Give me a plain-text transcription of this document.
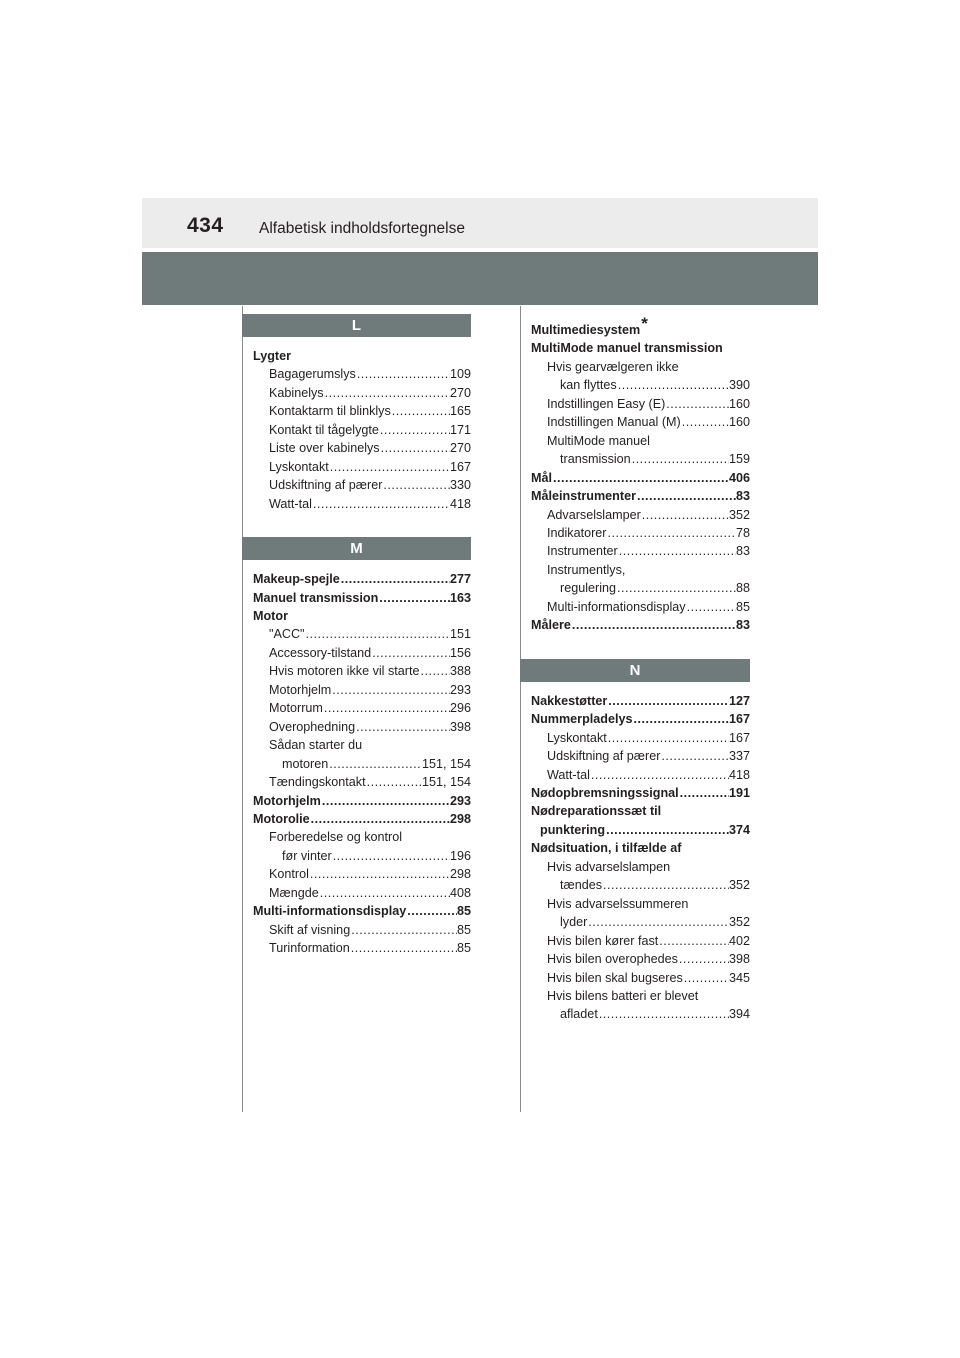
434 Alfabetisk indholdsfortegnelse
L
Lygter
Bagagerumslys .....	109
Kabinelys .....	270
Kontaktarm til blinklys .....	165
Kontakt til tågelygte .....	171
Liste over kabinelys .....	270
Lyskontakt .....	167
Udskiftning af pærer .....	330
Watt-tal .....	418
M
Makeup-spejle .....	277
Manuel transmission .....	163
Motor
"ACC" .....	151
Accessory-tilstand .....	156
Hvis motoren ikke vil starte ..... 388
Motorhjelm .....	293
Motorrum .....	296
Overophedning .....	398
Sådan starter du
motoren .....	151, 154
Tændingskontakt .....	151, 154
Motorhjelm .....	293
Motorolie .....	298
Forberedelse og kontrol
før vinter .....	196
Kontrol .....	298
Mængde .....	408
Multi-informationsdisplay .....	85
Skift af visning .....	85
Turinformation .....	85
Multimediesystem *
MultiMode manuel transmission
Hvis gearvælgeren ikke
kan flyttes .....	390
Indstillingen Easy (E) .....	160
Indstillingen Manual (M) .....	160
MultiMode manuel
transmission .....	159
Mål .....	406
Måleinstrumenter .....	83
Advarselslamper .....	352
Indikatorer .....	78
Instrumenter .....	83
Instrumentlys,
regulering .....	88
Multi-informationsdisplay .....	85
Målere .....	83
N
Nakkestøtter .....	127
Nummerpladelys .....	167
Lyskontakt .....	167
Udskiftning af pærer .....	337
Watt-tal .....	418
Nødopbremsningssignal .....	191
Nødreparationssæt til
punktering .....	374
Nødsituation, i tilfælde af
Hvis advarselslampen
tændes .....	352
Hvis advarselssummeren
lyder .....	352
Hvis bilen kører fast .....	402
Hvis bilen overophedes .....	398
Hvis bilen skal bugseres .....	345
Hvis bilens batteri er blevet
afladet .....	394
